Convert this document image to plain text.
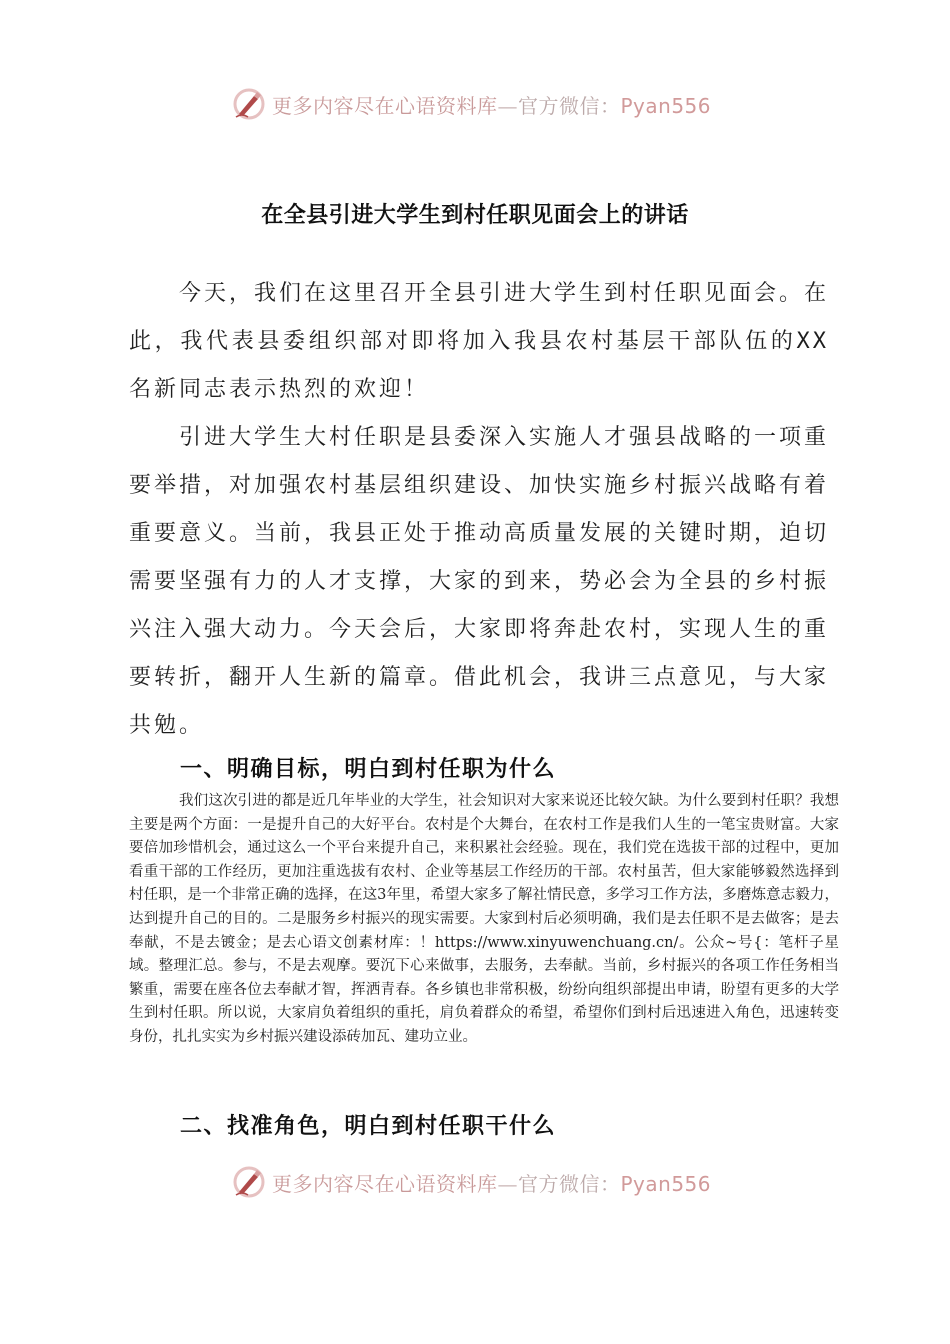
更多内容尽在心语资料库—官方微信：Pyan556
在全县引进大学生到村任职见面会上的讲话

今天，我们在这里召开全县引进大学生到村任职见面会。在此，我代表县委组织部对即将加入我县农村基层干部队伍的XX名新同志表示热烈的欢迎！

引进大学生大村任职是县委深入实施人才强县战略的一项重要举措，对加强农村基层组织建设、加快实施乡村振兴战略有着重要意义。当前，我县正处于推动高质量发展的关键时期，迫切需要坚强有力的人才支撑，大家的到来，势必会为全县的乡村振兴注入强大动力。今天会后，大家即将奔赴农村，实现人生的重要转折，翻开人生新的篇章。借此机会，我讲三点意见，与大家共勉。

一、明确目标，明白到村任职为什么

我们这次引进的都是近几年毕业的大学生，社会知识对大家来说还比较欠缺。为什么要到村任职？我想主要是两个方面：一是提升自己的大好平台。农村是个大舞台，在农村工作是我们人生的一笔宝贵财富。大家要倍加珍惜机会，通过这么一个平台来提升自己，来积累社会经验。现在，我们党在选拔干部的过程中，更加看重干部的工作经历，更加注重选拔有农村、企业等基层工作经历的干部。农村虽苦，但大家能够毅然选择到村任职，是一个非常正确的选择，在这3年里，希望大家多了解社情民意，多学习工作方法，多磨炼意志毅力，达到提升自己的目的。二是服务乡村振兴的现实需要。大家到村后必须明确，我们是去任职不是去做客；是去奉献，不是去镀金；是去心语文创素材库：！https://www.xinyuwenchuang.cn/。公众~号{：笔杆子星域。整理汇总。参与，不是去观摩。要沉下心来做事，去服务，去奉献。当前，乡村振兴的各项工作任务相当繁重，需要在座各位去奉献才智，挥洒青春。各乡镇也非常积极，纷纷向组织部提出申请，盼望有更多的大学生到村任职。所以说，大家肩负着组织的重托，肩负着群众的希望，希望你们到村后迅速进入角色，迅速转变身份，扎扎实实为乡村振兴建设添砖加瓦、建功立业。

二、找准角色，明白到村任职干什么
更多内容尽在心语资料库—官方微信：Pyan556
